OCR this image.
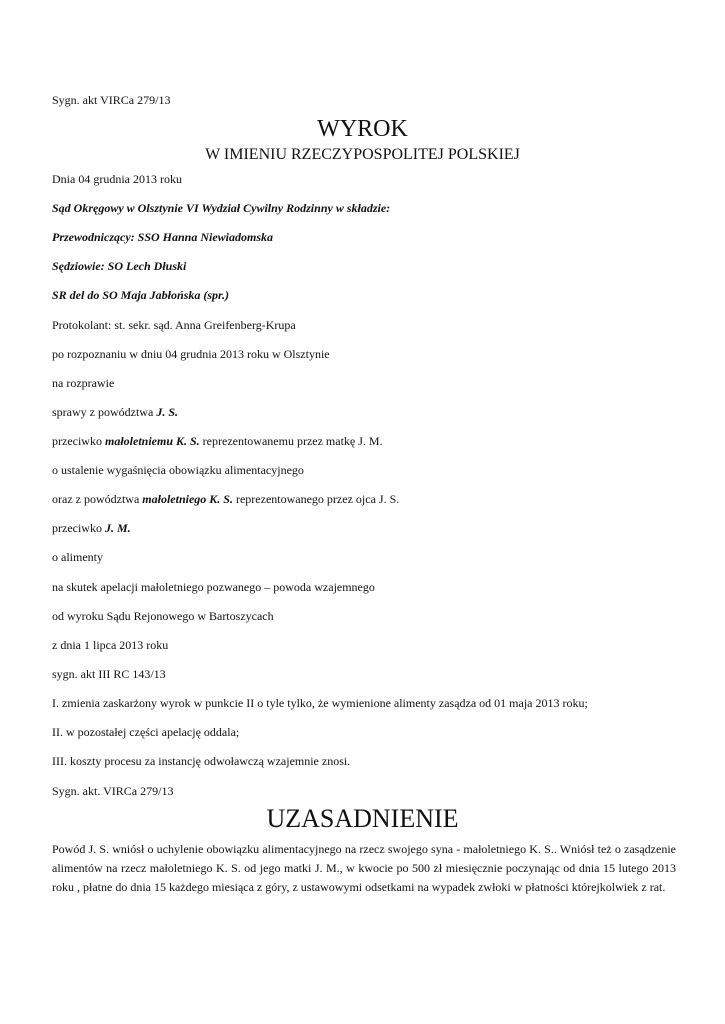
Sygn. akt VIRCa 279/13
WYROK
W IMIENIU RZECZYPOSPOLITEJ POLSKIEJ
Dnia 04 grudnia 2013 roku
Sąd Okręgowy w Olsztynie VI Wydział Cywilny Rodzinny w składzie:
Przewodniczący: SSO Hanna Niewiadomska
Sędziowie: SO Lech Dłuski
SR del do SO Maja Jabłońska (spr.)
Protokolant: st. sekr. sąd. Anna Greifenberg-Krupa
po rozpoznaniu w dniu 04 grudnia 2013 roku w Olsztynie
na rozprawie
sprawy z powództwa J. S.
przeciwko małoletniemu K. S. reprezentowanemu przez matkę J. M.
o ustalenie wygaśnięcia obowiązku alimentacyjnego
oraz z powództwa małoletniego K. S. reprezentowanego przez ojca J. S.
przeciwko J. M.
o alimenty
na skutek apelacji małoletniego pozwanego – powoda wzajemnego
od wyroku Sądu Rejonowego w Bartoszycach
z dnia 1 lipca 2013 roku
sygn. akt III RC 143/13
I. zmienia zaskarżony wyrok w punkcie II o tyle tylko, że wymienione alimenty zasądza od 01 maja 2013 roku;
II. w pozostałej części apelację oddala;
III. koszty procesu za instancję odwoławczą wzajemnie znosi.
Sygn. akt. VIRCa 279/13
UZASADNIENIE

Powód J. S. wniósł o uchylenie obowiązku alimentacyjnego na rzecz swojego syna - małoletniego K. S.. Wniósł też o zasądzenie alimentów na rzecz małoletniego K. S. od jego matki J. M., w kwocie po 500 zł miesięcznie poczynając od dnia 15 lutego 2013 roku , płatne do dnia 15 każdego miesiąca z góry, z ustawowymi odsetkami na wypadek zwłoki w płatności którejkolwiek z rat.
